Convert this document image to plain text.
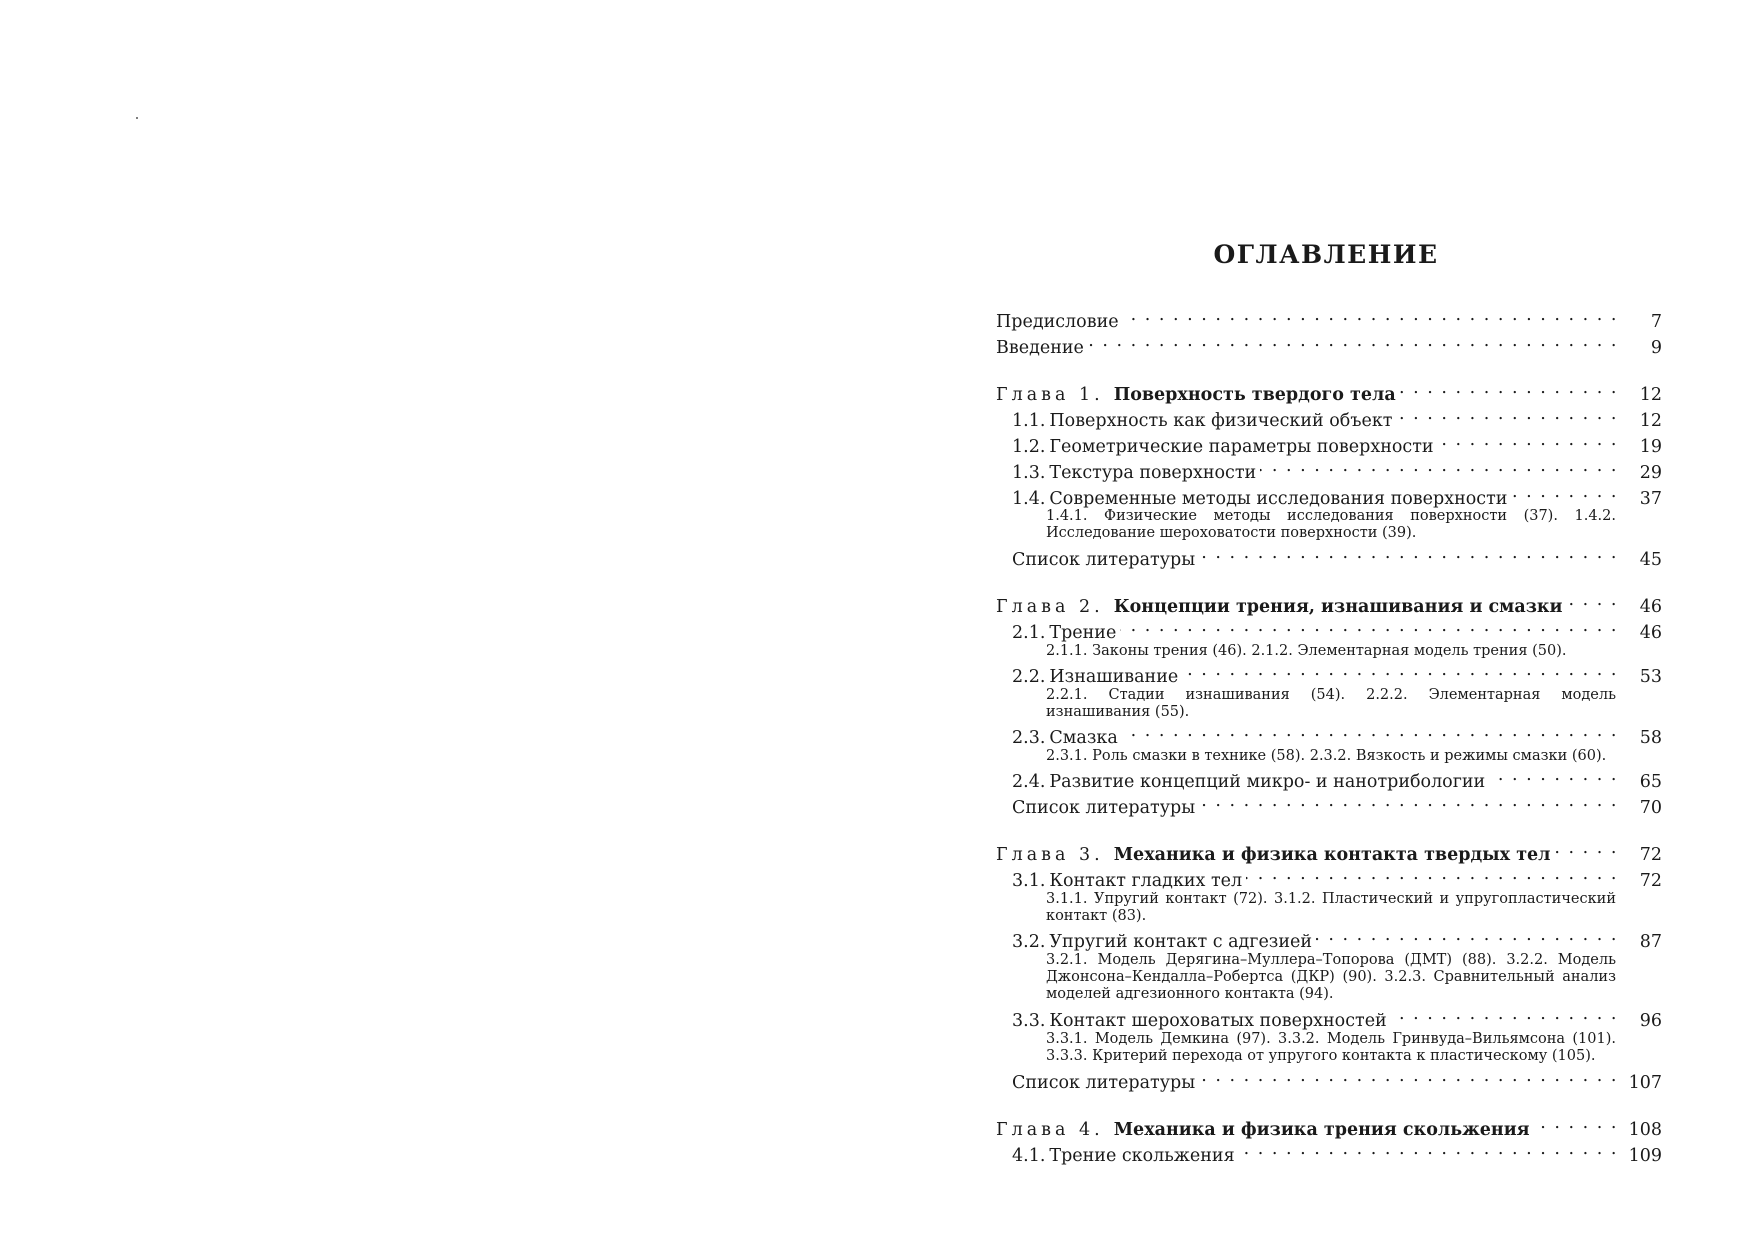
ОГЛАВЛЕНИЕ
Предисловие . . .	7
Введение . . .	9
Глава 1. Поверхность твердого тела . . .	12
1.1. Поверхность как физический объект . . .	12
1.2. Геометрические параметры поверхности . . .	19
1.3. Текстура поверхности . . .	29
1.4. Современные методы исследования поверхности . . .	37
1.4.1. Физические методы исследования поверхности (37). 1.4.2. Исследование шероховатости поверхности (39).
Список литературы . . .	45
Глава 2. Концепции трения, изнашивания и смазки . . .	46
2.1. Трение . . .	46
2.1.1. Законы трения (46). 2.1.2. Элементарная модель трения (50).
2.2. Изнашивание . . .	53
2.2.1. Стадии изнашивания (54). 2.2.2. Элементарная модель изнашивания (55).
2.3. Смазка . . .	58
2.3.1. Роль смазки в технике (58). 2.3.2. Вязкость и режимы смазки (60).
2.4. Развитие концепций микро- и нанотрибологии . . .	65
Список литературы . . .	70
Глава 3. Механика и физика контакта твердых тел . . .	72
3.1. Контакт гладких тел . . .	72
3.1.1. Упругий контакт (72). 3.1.2. Пластический и упругопластический контакт (83).
3.2. Упругий контакт с адгезией . . .	87
3.2.1. Модель Дерягина–Муллера–Топорова (ДМТ) (88). 3.2.2. Модель Джонсона–Кендалла–Робертса (ДКР) (90). 3.2.3. Сравнительный анализ моделей адгезионного контакта (94).
3.3. Контакт шероховатых поверхностей . . .	96
3.3.1. Модель Демкина (97). 3.3.2. Модель Гринвуда–Вильямсона (101). 3.3.3. Критерий перехода от упругого контакта к пластическому (105).
Список литературы . . .	107
Глава 4. Механика и физика трения скольжения . . .	108
4.1. Трение скольжения . . .	109
